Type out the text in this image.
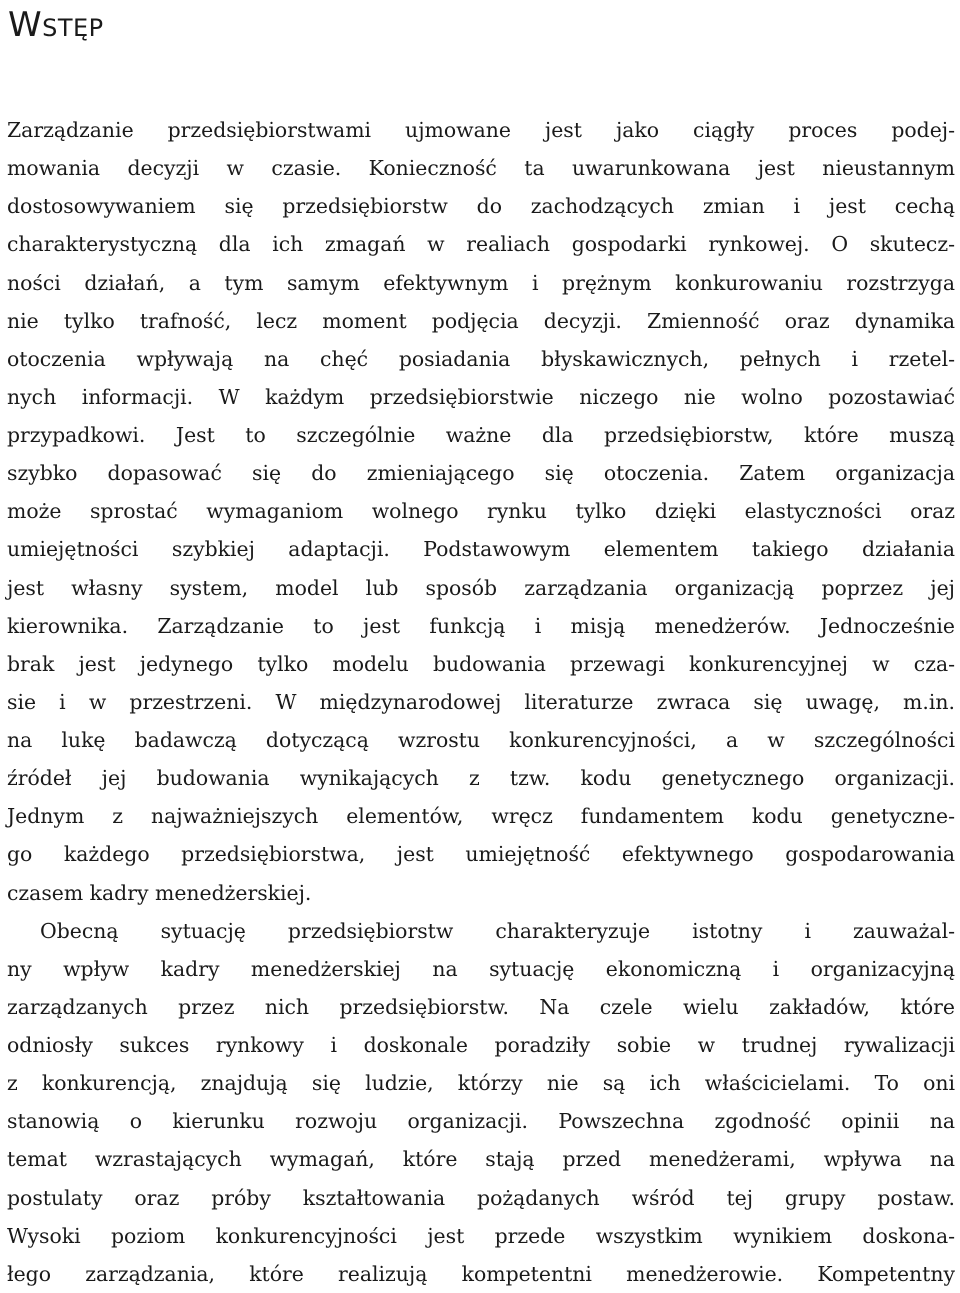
Wstęp
Zarządzanie przedsiębiorstwami ujmowane jest jako ciągły proces podej-
mowania decyzji w czasie. Konieczność ta uwarunkowana jest nieustannym
dostosowywaniem się przedsiębiorstw do zachodzących zmian i jest cechą
charakterystyczną dla ich zmagań w realiach gospodarki rynkowej. O skutecz-
ności działań, a tym samym efektywnym i prężnym konkurowaniu rozstrzyga
nie tylko trafność, lecz moment podjęcia decyzji. Zmienność oraz dynamika
otoczenia wpływają na chęć posiadania błyskawicznych, pełnych i rzetel-
nych informacji. W każdym przedsiębiorstwie niczego nie wolno pozostawiać
przypadkowi. Jest to szczególnie ważne dla przedsiębiorstw, które muszą
szybko dopasować się do zmieniającego się otoczenia. Zatem organizacja
może sprostać wymaganiom wolnego rynku tylko dzięki elastyczności oraz
umiejętności szybkiej adaptacji. Podstawowym elementem takiego działania
jest własny system, model lub sposób zarządzania organizacją poprzez jej
kierownika. Zarządzanie to jest funkcją i misją menedżerów. Jednocześnie
brak jest jedynego tylko modelu budowania przewagi konkurencyjnej w cza-
sie i w przestrzeni. W międzynarodowej literaturze zwraca się uwagę, m.in.
na lukę badawczą dotyczącą wzrostu konkurencyjności, a w szczególności
źródeł jej budowania wynikających z tzw. kodu genetycznego organizacji.
Jednym z najważniejszych elementów, wręcz fundamentem kodu genetyczne-
go każdego przedsiębiorstwa, jest umiejętność efektywnego gospodarowania
czasem kadry menedżerskiej.
Obecną sytuację przedsiębiorstw charakteryzuje istotny i zauważal-
ny wpływ kadry menedżerskiej na sytuację ekonomiczną i organizacyjną
zarządzanych przez nich przedsiębiorstw. Na czele wielu zakładów, które
odniosły sukces rynkowy i doskonale poradziły sobie w trudnej rywalizacji
z konkurencją, znajdują się ludzie, którzy nie są ich właścicielami. To oni
stanowią o kierunku rozwoju organizacji. Powszechna zgodność opinii na
temat wzrastających wymagań, które stają przed menedżerami, wpływa na
postulaty oraz próby kształtowania pożądanych wśród tej grupy postaw.
Wysoki poziom konkurencyjności jest przede wszystkim wynikiem doskona-
łego zarządzania, które realizują kompetentni menedżerowie. Kompetentny
